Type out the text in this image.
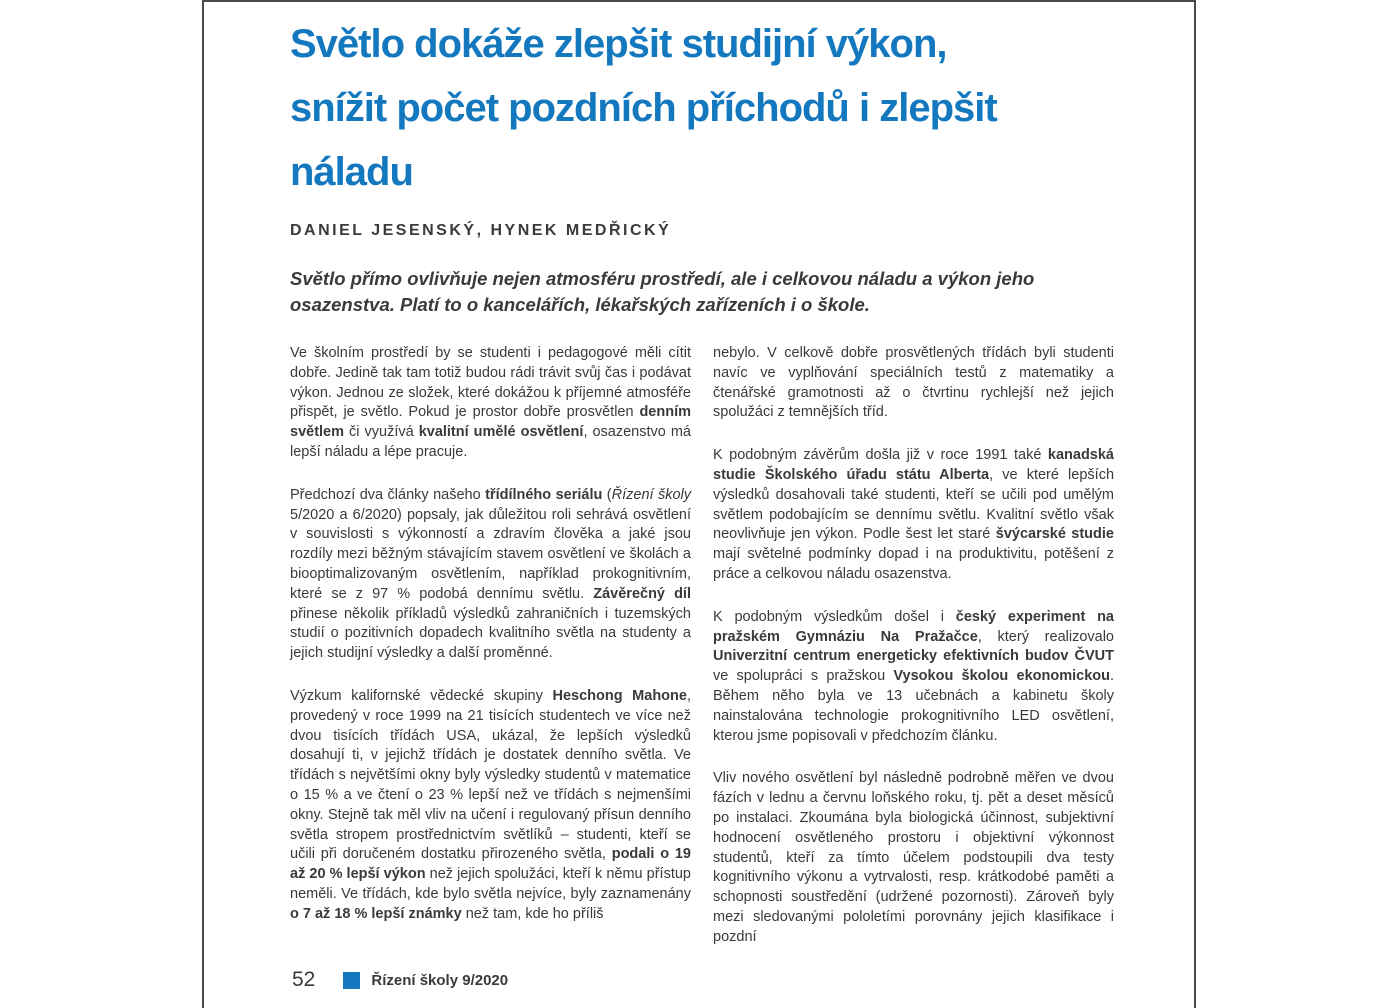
Světlo dokáže zlepšit studijní výkon,
snížit počet pozdních příchodů i zlepšit
náladu
DANIEL JESENSKÝ, HYNEK MEDŘICKÝ
Světlo přímo ovlivňuje nejen atmosféru prostředí, ale i celkovou náladu a výkon jeho osazenstva. Platí to o kancelářích, lékařských zařízeních i o škole.

Ve školním prostředí by se studenti i pedagogové měli cítit dobře. Jedině tak tam totiž budou rádi trávit svůj čas i podávat výkon. Jednou ze složek, které dokážou k příjemné atmosféře přispět, je světlo. Pokud je prostor dobře prosvětlen denním světlem či využívá kvalitní umělé osvětlení, osazenstvo má lepší náladu a lépe pracuje.

Předchozí dva články našeho třídílného seriálu (Řízení školy 5/2020 a 6/2020) popsaly, jak důležitou roli sehrává osvětlení v souvislosti s výkonností a zdravím člověka a jaké jsou rozdíly mezi běžným stávajícím stavem osvětlení ve školách a biooptimalizovaným osvětlením, například prokognitivním, které se z 97 % podobá dennímu světlu. Závěrečný díl přinese několik příkladů výsledků zahraničních i tuzemských studií o pozitivních dopadech kvalitního světla na studenty a jejich studijní výsledky a další proměnné.

Výzkum kalifornské vědecké skupiny Heschong Mahone, provedený v roce 1999 na 21 tisících studentech ve více než dvou tisících třídách USA, ukázal, že lepších výsledků dosahují ti, v jejichž třídách je dostatek denního světla. Ve třídách s největšími okny byly výsledky studentů v matematice o 15 % a ve čtení o 23 % lepší než ve třídách s nejmenšími okny. Stejně tak měl vliv na učení i regulovaný přísun denního světla stropem prostřednictvím světlíků – studenti, kteří se učili při doručeném dostatku přirozeného světla, podali o 19 až 20 % lepší výkon než jejich spolužáci, kteří k němu přístup neměli. Ve třídách, kde bylo světla nejvíce, byly zaznamenány o 7 až 18 % lepší známky než tam, kde ho příliš

nebylo. V celkově dobře prosvětlených třídách byli studenti navíc ve vyplňování speciálních testů z matematiky a čtenářské gramotnosti až o čtvrtinu rychlejší než jejich spolužáci z temnějších tříd.

K podobným závěrům došla již v roce 1991 také kanadská studie Školského úřadu státu Alberta, ve které lepších výsledků dosahovali také studenti, kteří se učili pod umělým světlem podobajícím se dennímu světlu. Kvalitní světlo však neovlivňuje jen výkon. Podle šest let staré švýcarské studie mají světelné podmínky dopad i na produktivitu, potěšení z práce a celkovou náladu osazenstva.

K podobným výsledkům došel i český experiment na pražském Gymnáziu Na Pražačce, který realizovalo Univerzitní centrum energeticky efektivních budov ČVUT ve spolupráci s pražskou Vysokou školou ekonomickou. Během něho byla ve 13 učebnách a kabinetu školy nainstalována technologie prokognitivního LED osvětlení, kterou jsme popisovali v předchozím článku.

Vliv nového osvětlení byl následně podrobně měřen ve dvou fázích v lednu a červnu loňského roku, tj. pět a deset měsíců po instalaci. Zkoumána byla biologická účinnost, subjektivní hodnocení osvětleného prostoru i objektivní výkonnost studentů, kteří za tímto účelem podstoupili dva testy kognitivního výkonu a vytrvalosti, resp. krátkodobé paměti a schopnosti soustředění (udržené pozornosti). Zároveň byly mezi sledovanými pololetími porovnány jejich klasifikace i pozdní

52	Řízení školy 9/2020
